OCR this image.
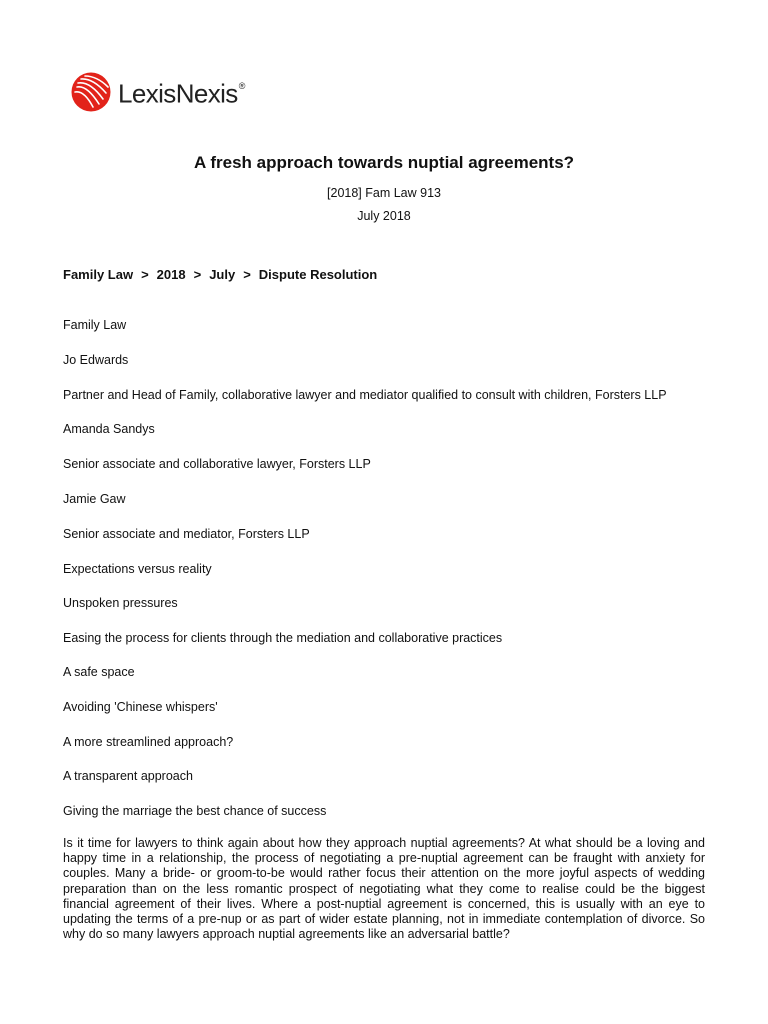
LexisNexis®
A fresh approach towards nuptial agreements?
[2018] Fam Law 913
July 2018
Family Law > 2018 > July > Dispute Resolution
Family Law
Jo Edwards
Partner and Head of Family, collaborative lawyer and mediator qualified to consult with children, Forsters LLP
Amanda Sandys
Senior associate and collaborative lawyer, Forsters LLP
Jamie Gaw
Senior associate and mediator, Forsters LLP
Expectations versus reality
Unspoken pressures
Easing the process for clients through the mediation and collaborative practices
A safe space
Avoiding 'Chinese whispers'
A more streamlined approach?
A transparent approach
Giving the marriage the best chance of success

Is it time for lawyers to think again about how they approach nuptial agreements? At what should be a loving and happy time in a relationship, the process of negotiating a pre-nuptial agreement can be fraught with anxiety for couples. Many a bride- or groom-to-be would rather focus their attention on the more joyful aspects of wedding preparation than on the less romantic prospect of negotiating what they come to realise could be the biggest financial agreement of their lives. Where a post-nuptial agreement is concerned, this is usually with an eye to updating the terms of a pre-nup or as part of wider estate planning, not in immediate contemplation of divorce. So why do so many lawyers approach nuptial agreements like an adversarial battle?
